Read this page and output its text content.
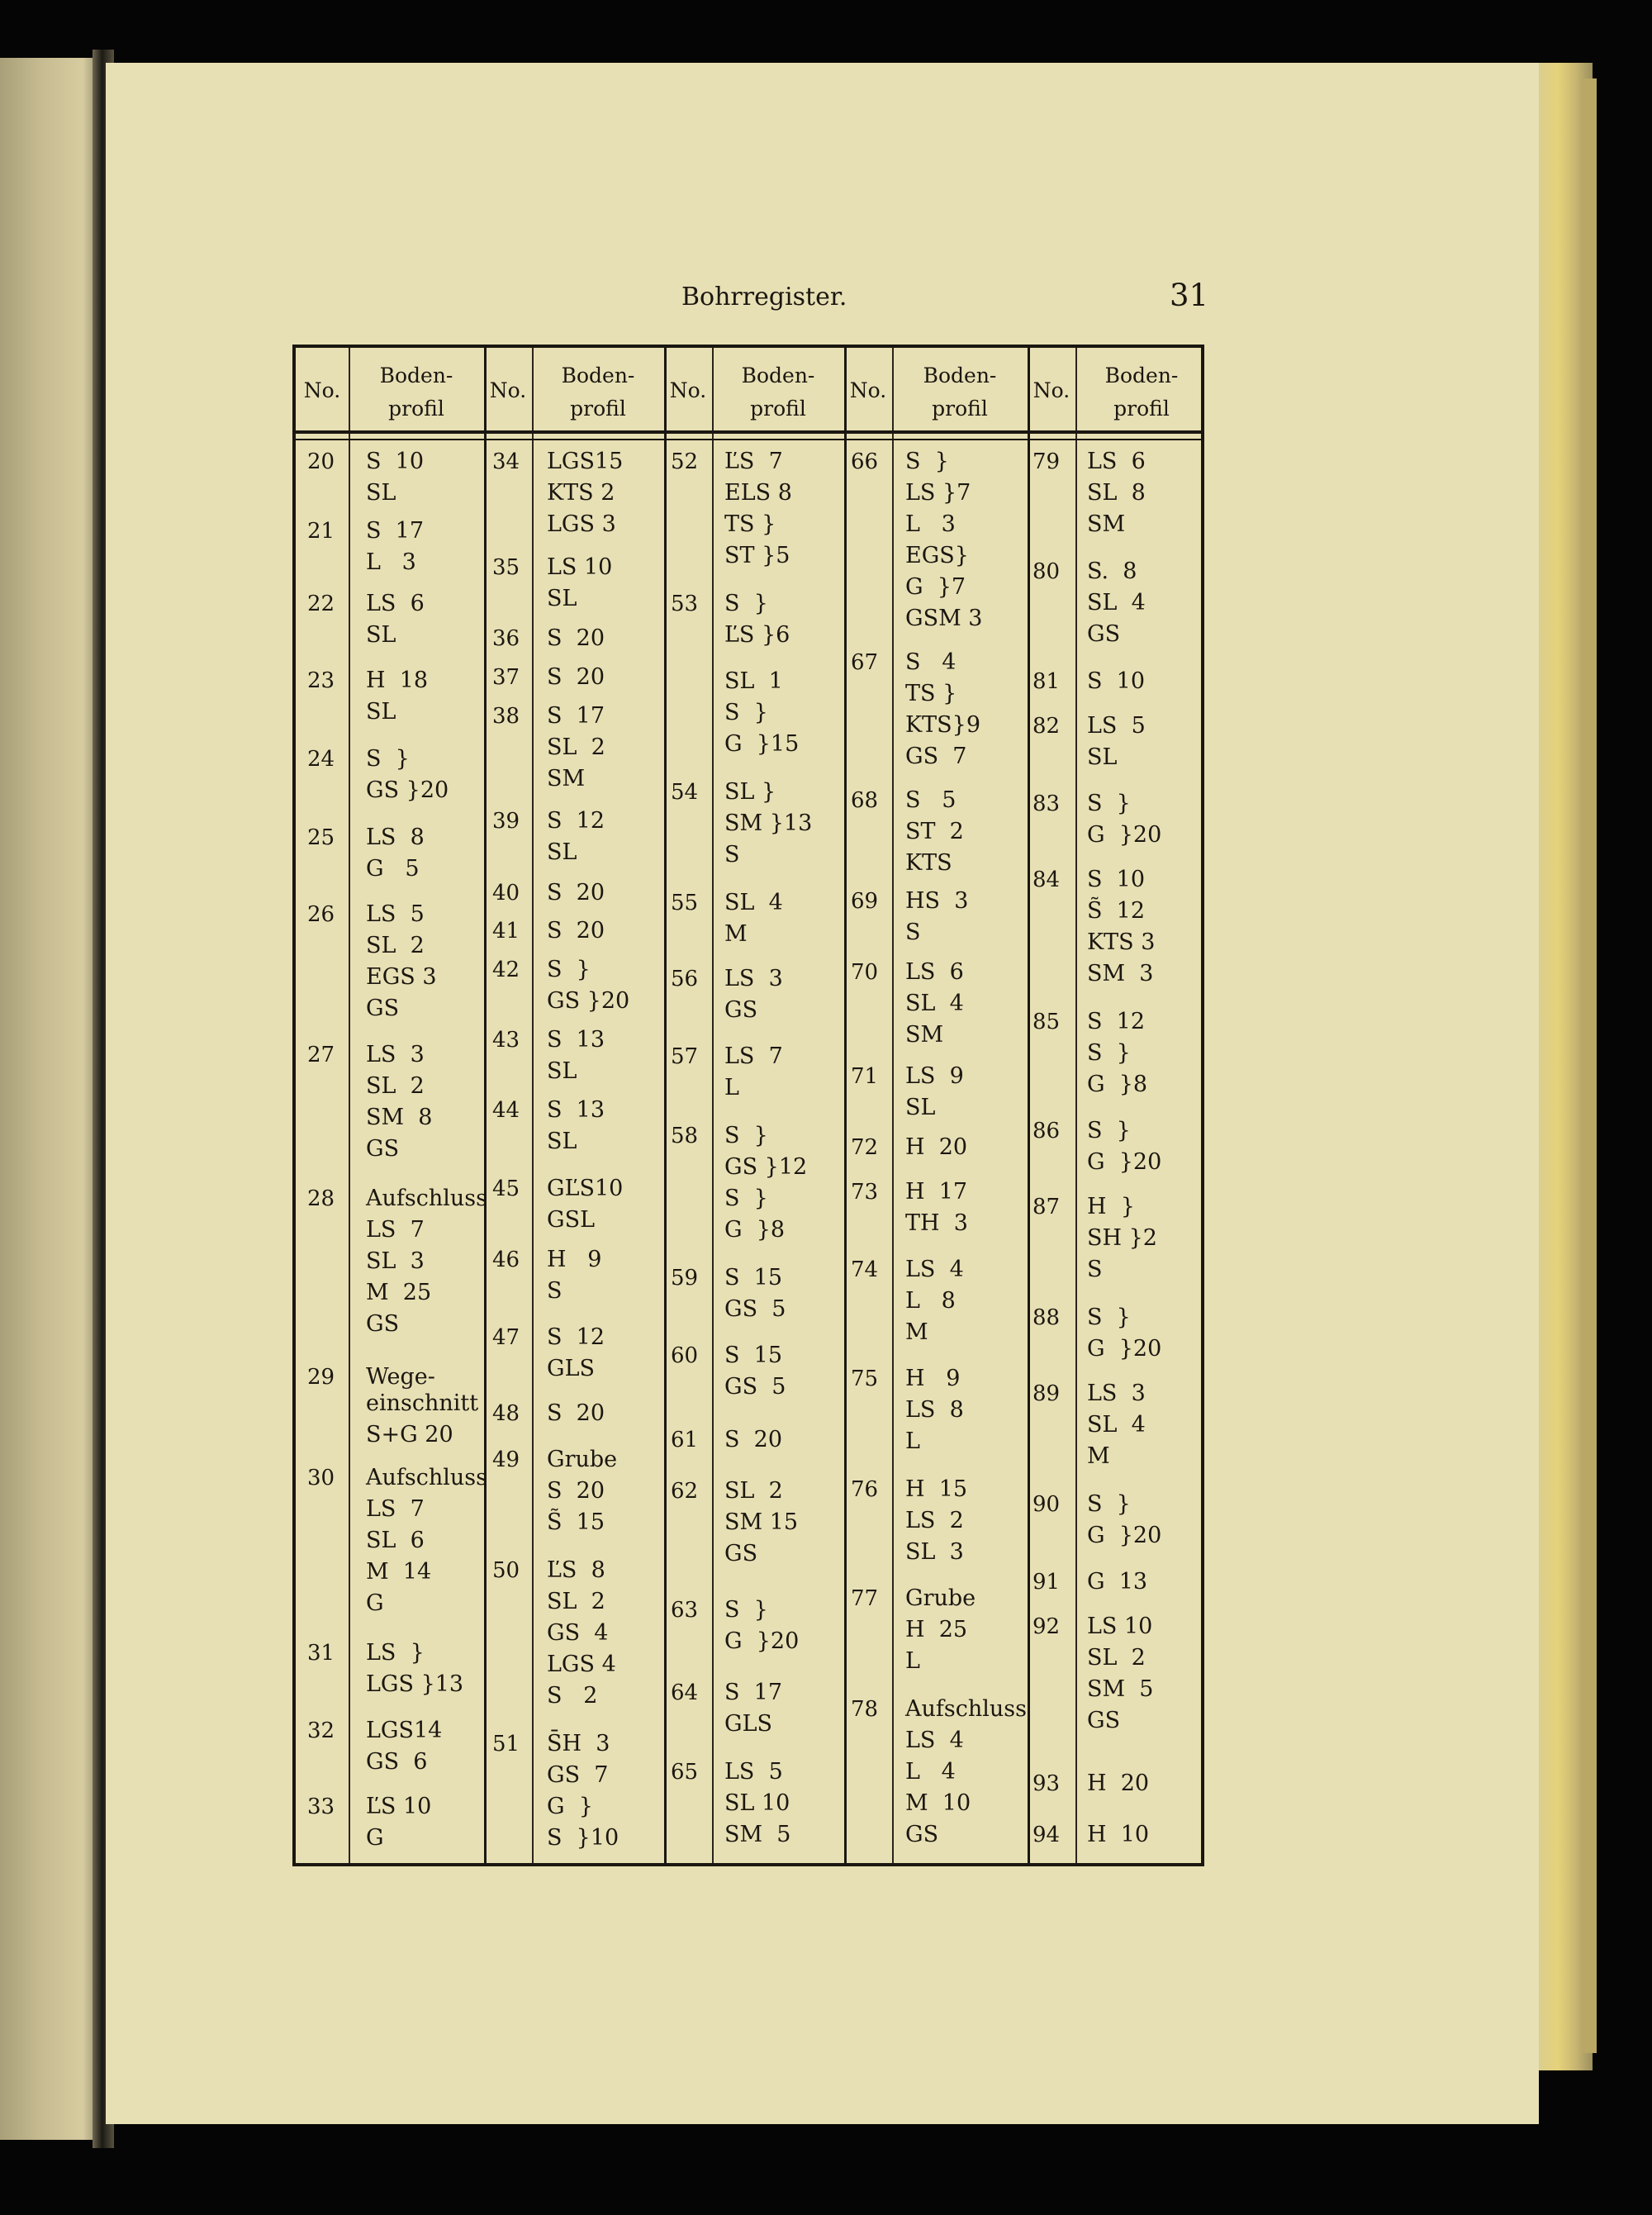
Bohrregister.	31
No.
Boden-
profil
No.
Boden-
profil
No.
Boden-
profil
No.
Boden-
profil
No.
Boden-
profil
20 S  10
SL
21 S  17
L   3
22 LS  6
SL
23 H  18
SL
24 S  }
GS }20
25 LS  8
G   5
26 LS  5
SL  2
EGS 3
GS
27 LS  3
SL  2
SM  8
GS
28 Aufschluss
LS  7
SL  3
M  25
GS
29 Wege-
einschnitt
S+G 20
30 Aufschluss
LS  7
SL  6
M  14
G
31 LS  }
LGS }13
32 LGS14
GS  6
33 ĽS 10
G
34 LGS15
KTS 2
LGS 3
35 LS 10
SL
36 S  20
37 S  20
38 S  17
SL  2
SM
39 S  12
SL
40 S  20
41 S  20
42 S  }
GS }20
43 S  13
SL
44 S  13
SL
45 GĽS10
GSL
46 H   9
S
47 S  12
GLS
48 S  20
49 Grube
S  20
S̃  15
50 ĽS  8
SL  2
GS  4
LGS 4
S   2
51 S̄H  3
GS  7
G  }
S  }10
52 ĽS  7
ELS 8
TS }
ST }5
53 S  }
ĽS }6
SL  1
S  }
G  }15
54 SL }
SM }13
S
55 SL  4
M
56 LS  3
GS
57 LS  7
L
58 S  }
GS }12
S  }
G  }8
59 S  15
GS  5
60 S  15
GS  5
61 S  20
62 SL  2
SM 15
GS
63 S  }
G  }20
64 S  17
GLS
65 LS  5
SL 10
SM  5
66 S  }
LS }7
L   3
EGS}
G  }7
GSM 3
67 S   4
TS }
KTS}9
GS  7
68 S   5
ST  2
KTS
69 HS  3
S
70 LS  6
SL  4
SM
71 LS  9
SL
72 H  20
73 H  17
TH  3
74 LS  4
L   8
M
75 H   9
LS  8
L
76 H  15
LS  2
SL  3
77 Grube
H  25
L
78 Aufschluss
LS  4
L   4
M  10
GS
79 LS  6
SL  8
SM
80 S.  8
SL  4
GS
81 S  10
82 LS  5
SL
83 S  }
G  }20
84 S  10
S̃  12
KTS 3
SM  3
85 S  12
S  }
G  }8
86 S  }
G  }20
87 H  }
SH }2
S
88 S  }
G  }20
89 LS  3
SL  4
M
90 S  }
G  }20
91 G  13
92 LS 10
SL  2
SM  5
GS
93 H  20
94 H  10
